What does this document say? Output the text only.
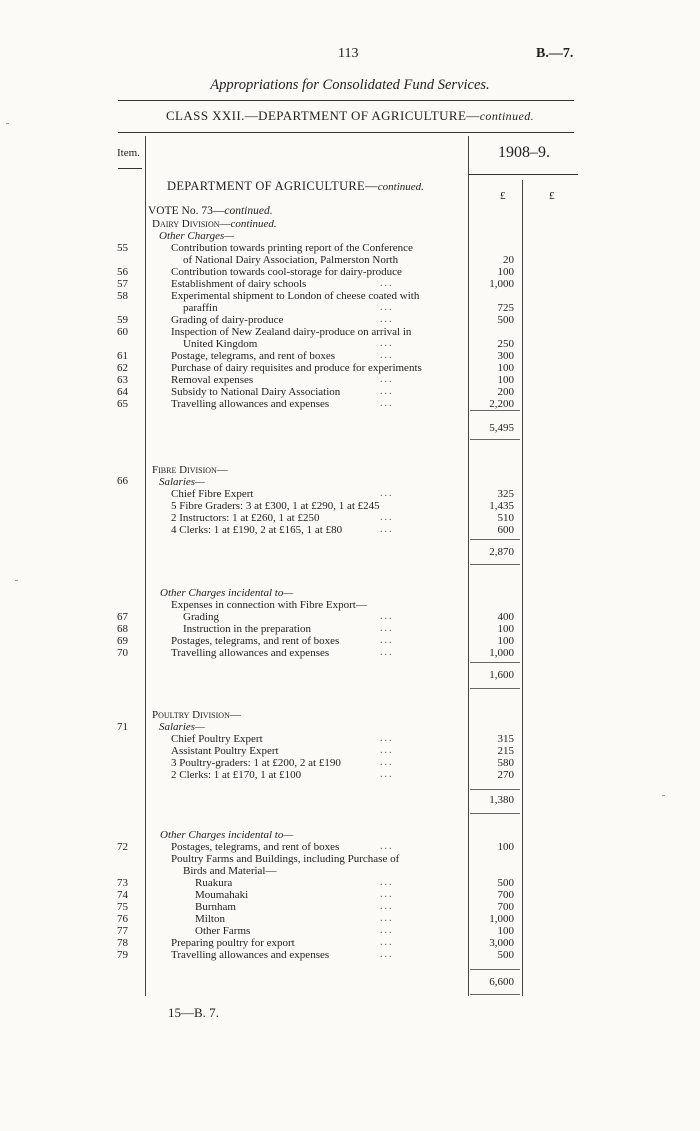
113	B.—7.
Appropriations for Consolidated Fund Services.
CLASS XXII.—DEPARTMENT OF AGRICULTURE—continued.
Item.	1908–9.
£	£
DEPARTMENT OF AGRICULTURE—continued.
VOTE No. 73—continued.
Dairy Division—continued.
Other Charges—
55	Contribution towards printing report of the Conference
of National Dairy Association, Palmerston North	20
56	Contribution towards cool-storage for dairy-produce	100
57	Establishment of dairy schools	...	1,000
58	Experimental shipment to London of cheese coated with
paraffin	...	725
59	Grading of dairy-produce	...	500
60	Inspection of New Zealand dairy-produce on arrival in
United Kingdom	...	250
61	Postage, telegrams, and rent of boxes	...	300
62	Purchase of dairy requisites and produce for experiments	100
63	Removal expenses	...	100
64	Subsidy to National Dairy Association	...	200
65	Travelling allowances and expenses	...	2,200
5,495
Fibre Division—
66	Salaries—
Chief Fibre Expert	...	325
5 Fibre Graders: 3 at £300, 1 at £290, 1 at £245	1,435
2 Instructors: 1 at £260, 1 at £250	...	510
4 Clerks: 1 at £190, 2 at £165, 1 at £80	...	600
2,870
Other Charges incidental to—
Expenses in connection with Fibre Export—
67	Grading	...	400
68	Instruction in the preparation	...	100
69	Postages, telegrams, and rent of boxes	...	100
70	Travelling allowances and expenses	...	1,000
1,600
Poultry Division—
71	Salaries—
Chief Poultry Expert	...	315
Assistant Poultry Expert	...	215
3 Poultry-graders: 1 at £200, 2 at £190	...	580
2 Clerks: 1 at £170, 1 at £100	...	270
1,380
Other Charges incidental to—
72	Postages, telegrams, and rent of boxes	...	100
Poultry Farms and Buildings, including Purchase of
Birds and Material—
73	Ruakura	...	500
74	Moumahaki	...	700
75	Burnham	...	700
76	Milton	...	1,000
77	Other Farms	...	100
78	Preparing poultry for export	...	3,000
79	Travelling allowances and expenses	...	500
6,600
15—B. 7.
